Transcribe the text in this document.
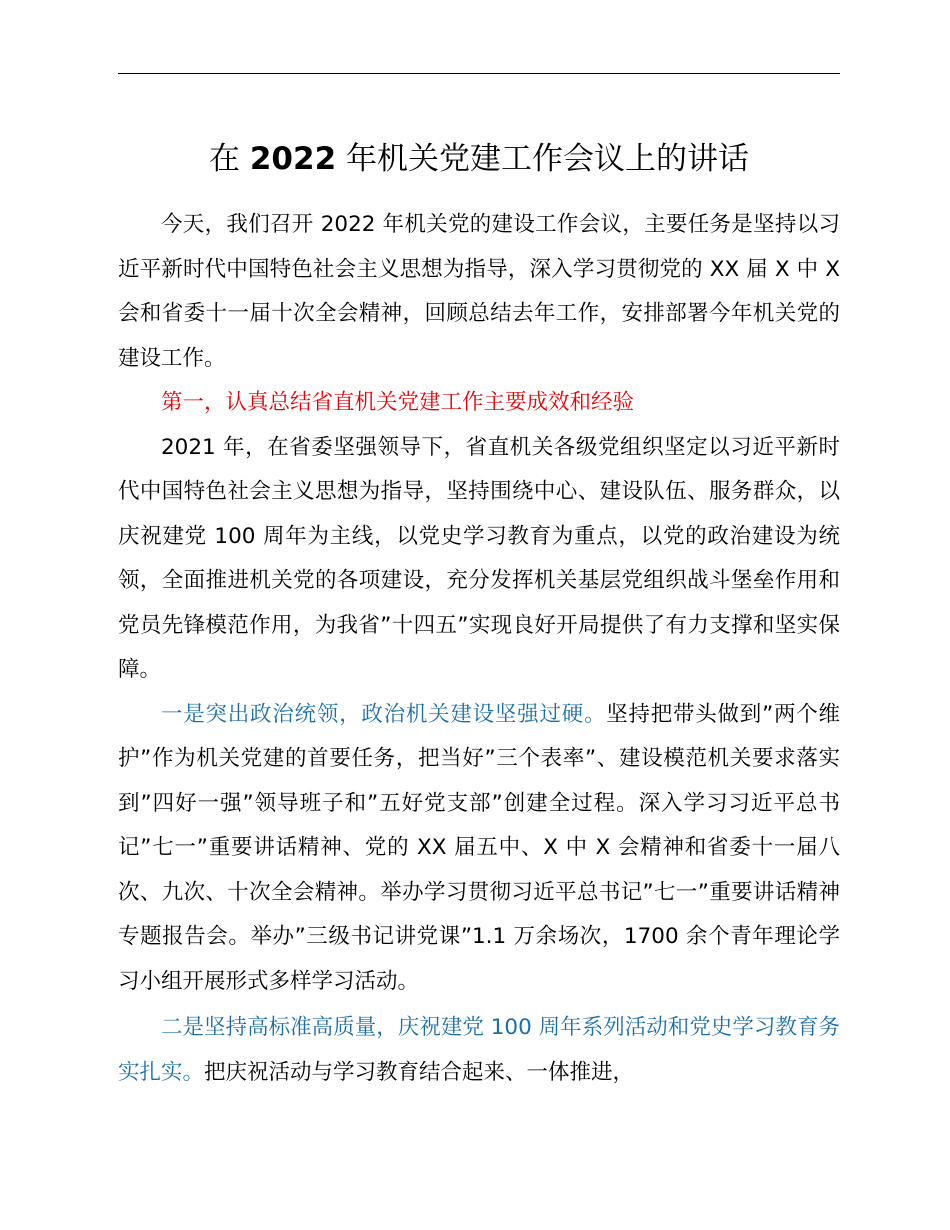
在 2022 年机关党建工作会议上的讲话

今天，我们召开 2022 年机关党的建设工作会议，主要任务是坚持以习近平新时代中国特色社会主义思想为指导，深入学习贯彻党的 XX 届 X 中 X 会和省委十一届十次全会精神，回顾总结去年工作，安排部署今年机关党的建设工作。

第一，认真总结省直机关党建工作主要成效和经验

2021 年，在省委坚强领导下，省直机关各级党组织坚定以习近平新时代中国特色社会主义思想为指导，坚持围绕中心、建设队伍、服务群众，以庆祝建党 100 周年为主线，以党史学习教育为重点，以党的政治建设为统领，全面推进机关党的各项建设，充分发挥机关基层党组织战斗堡垒作用和党员先锋模范作用，为我省”十四五”实现良好开局提供了有力支撑和坚实保障。

一是突出政治统领，政治机关建设坚强过硬。坚持把带头做到”两个维护”作为机关党建的首要任务，把当好”三个表率”、建设模范机关要求落实到”四好一强”领导班子和”五好党支部”创建全过程。深入学习习近平总书记”七一”重要讲话精神、党的 XX 届五中、X 中 X 会精神和省委十一届八次、九次、十次全会精神。举办学习贯彻习近平总书记”七一”重要讲话精神专题报告会。举办”三级书记讲党课”1.1 万余场次，1700 余个青年理论学习小组开展形式多样学习活动。

二是坚持高标准高质量，庆祝建党 100 周年系列活动和党史学习教育务实扎实。把庆祝活动与学习教育结合起来、一体推进，
